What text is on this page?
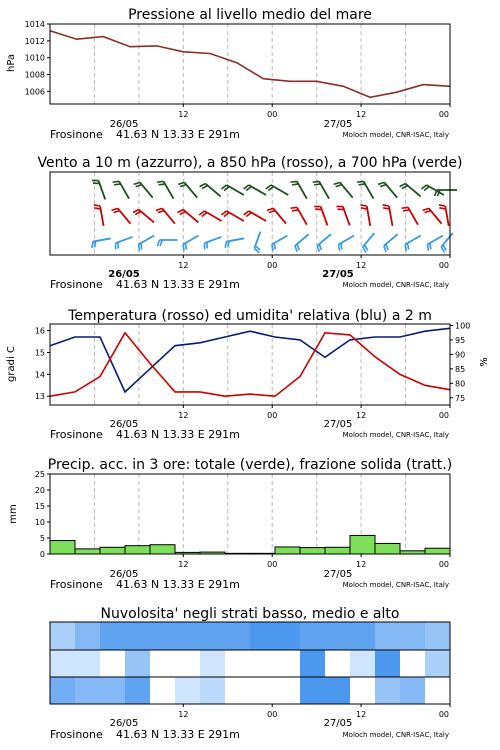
Pressione al livello medio del mare
hPa
1006
1008
1010
1012
1014
12	00	12	00
26/05	27/05
Frosinone 41.63 N 13.33 E 291m	Moloch model, CNR-ISAC, Italy
Vento a 10 m (azzurro), a 850 hPa (rosso), a 700 hPa (verde)
12	00	12	00
26/05	27/05
Frosinone 41.63 N 13.33 E 291m	Moloch model, CNR-ISAC, Italy
Temperatura (rosso) ed umidita' relativa (blu) a 2 m
gradi C	%
13
14
15
16
75
80
85
90
95
100
12	00	12	00
26/05	27/05
Frosinone 41.63 N 13.33 E 291m	Moloch model, CNR-ISAC, Italy
Precip. acc. in 3 ore: totale (verde), frazione solida (tratt.)
mm
0
5
10
15
20
25
12	00	12	00
26/05	27/05
Frosinone 41.63 N 13.33 E 291m	Moloch model, CNR-ISAC, Italy
Nuvolosita' negli strati basso, medio e alto
12	00	12	00
26/05	27/05
Frosinone 41.63 N 13.33 E 291m	Moloch model, CNR-ISAC, Italy
